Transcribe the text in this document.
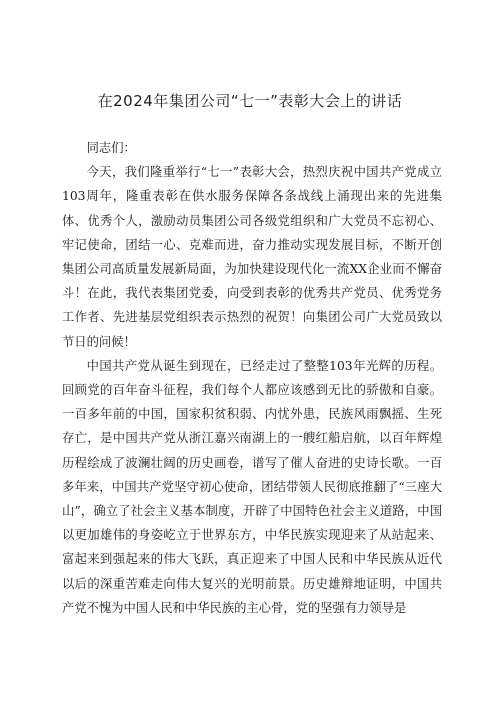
在2024年集团公司“七一”表彰大会上的讲话

同志们：

今天，我们隆重举行“七一”表彰大会，热烈庆祝中国共产党成立103周年，隆重表彰在供水服务保障各条战线上涌现出来的先进集体、优秀个人，激励动员集团公司各级党组织和广大党员不忘初心、牢记使命，团结一心、克难而进，奋力推动实现发展目标，不断开创集团公司高质量发展新局面，为加快建设现代化一流XX企业而不懈奋斗！在此，我代表集团党委，向受到表彰的优秀共产党员、优秀党务工作者、先进基层党组织表示热烈的祝贺！向集团公司广大党员致以节日的问候！

中国共产党从诞生到现在，已经走过了整整103年光辉的历程。回顾党的百年奋斗征程，我们每个人都应该感到无比的骄傲和自豪。一百多年前的中国，国家积贫积弱、内忧外患，民族风雨飘摇、生死存亡，是中国共产党从浙江嘉兴南湖上的一艘红船启航，以百年辉煌历程绘成了波澜壮阔的历史画卷，谱写了催人奋进的史诗长歌。一百多年来，中国共产党坚守初心使命，团结带领人民彻底推翻了“三座大山”，确立了社会主义基本制度，开辟了中国特色社会主义道路，中国以更加雄伟的身姿屹立于世界东方，中华民族实现迎来了从站起来、富起来到强起来的伟大飞跃，真正迎来了中国人民和中华民族从近代以后的深重苦难走向伟大复兴的光明前景。历史雄辩地证明，中国共产党不愧为中国人民和中华民族的主心骨，党的坚强有力领导是
